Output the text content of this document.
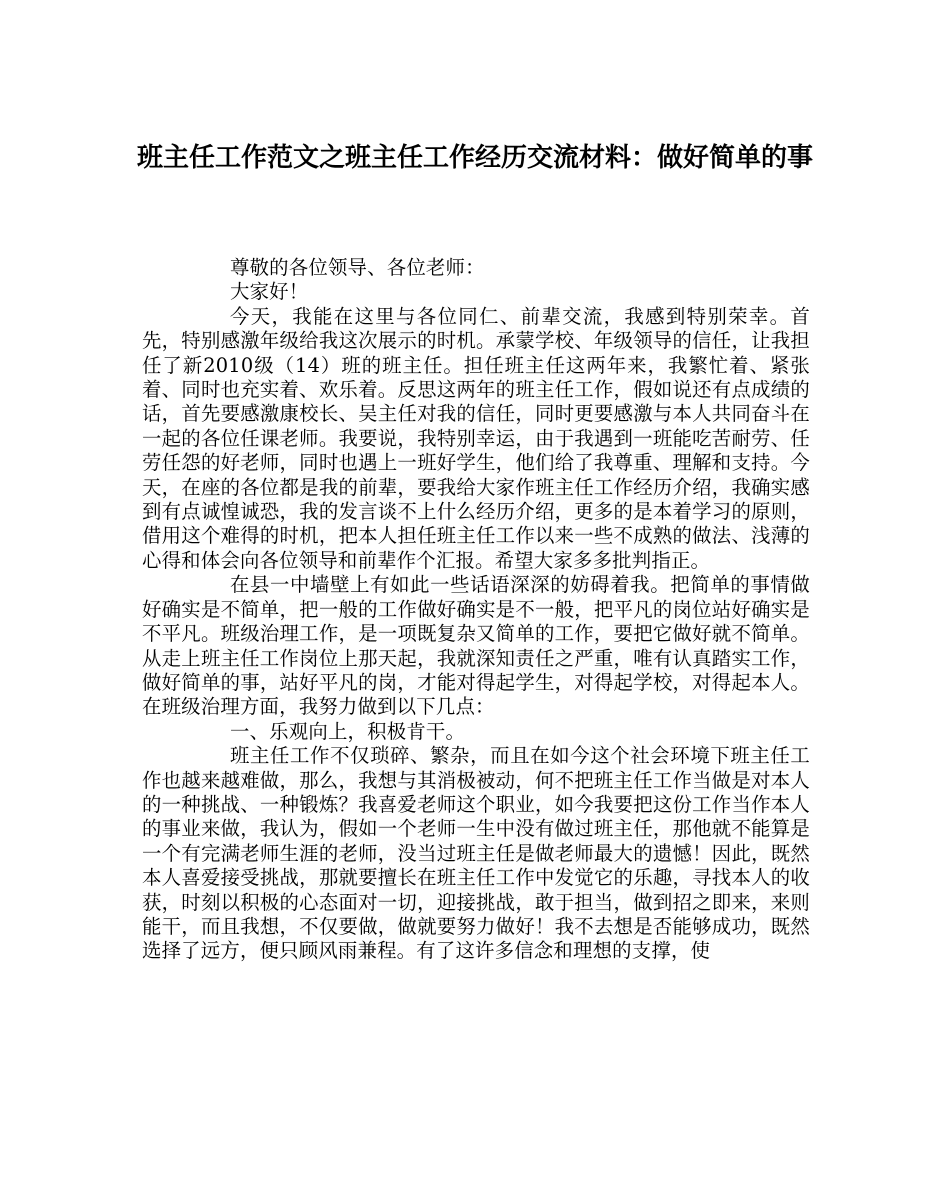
班主任工作范文之班主任工作经历交流材料：做好简单的事

尊敬的各位领导、各位老师：

大家好！

今天，我能在这里与各位同仁、前辈交流，我感到特别荣幸。首先，特别感激年级给我这次展示的时机。承蒙学校、年级领导的信任，让我担任了新2010级（14）班的班主任。担任班主任这两年来，我繁忙着、紧张着、同时也充实着、欢乐着。反思这两年的班主任工作，假如说还有点成绩的话，首先要感激康校长、吴主任对我的信任，同时更要感激与本人共同奋斗在一起的各位任课老师。我要说，我特别幸运，由于我遇到一班能吃苦耐劳、任劳任怨的好老师，同时也遇上一班好学生，他们给了我尊重、理解和支持。今天，在座的各位都是我的前辈，要我给大家作班主任工作经历介绍，我确实感到有点诚惶诚恐，我的发言谈不上什么经历介绍，更多的是本着学习的原则，借用这个难得的时机，把本人担任班主任工作以来一些不成熟的做法、浅薄的心得和体会向各位领导和前辈作个汇报。希望大家多多批判指正。

在县一中墙壁上有如此一些话语深深的妨碍着我。把简单的事情做好确实是不简单，把一般的工作做好确实是不一般，把平凡的岗位站好确实是不平凡。班级治理工作，是一项既复杂又简单的工作，要把它做好就不简单。从走上班主任工作岗位上那天起，我就深知责任之严重，唯有认真踏实工作，做好简单的事，站好平凡的岗，才能对得起学生，对得起学校，对得起本人。在班级治理方面，我努力做到以下几点：

一、乐观向上，积极肯干。

班主任工作不仅琐碎、繁杂，而且在如今这个社会环境下班主任工作也越来越难做，那么，我想与其消极被动，何不把班主任工作当做是对本人的一种挑战、一种锻炼？我喜爱老师这个职业，如今我要把这份工作当作本人的事业来做，我认为，假如一个老师一生中没有做过班主任，那他就不能算是一个有完满老师生涯的老师，没当过班主任是做老师最大的遗憾！因此，既然本人喜爱接受挑战，那就要擅长在班主任工作中发觉它的乐趣，寻找本人的收获，时刻以积极的心态面对一切，迎接挑战，敢于担当，做到招之即来，来则能干，而且我想，不仅要做，做就要努力做好！我不去想是否能够成功，既然选择了远方，便只顾风雨兼程。有了这许多信念和理想的支撑，使
